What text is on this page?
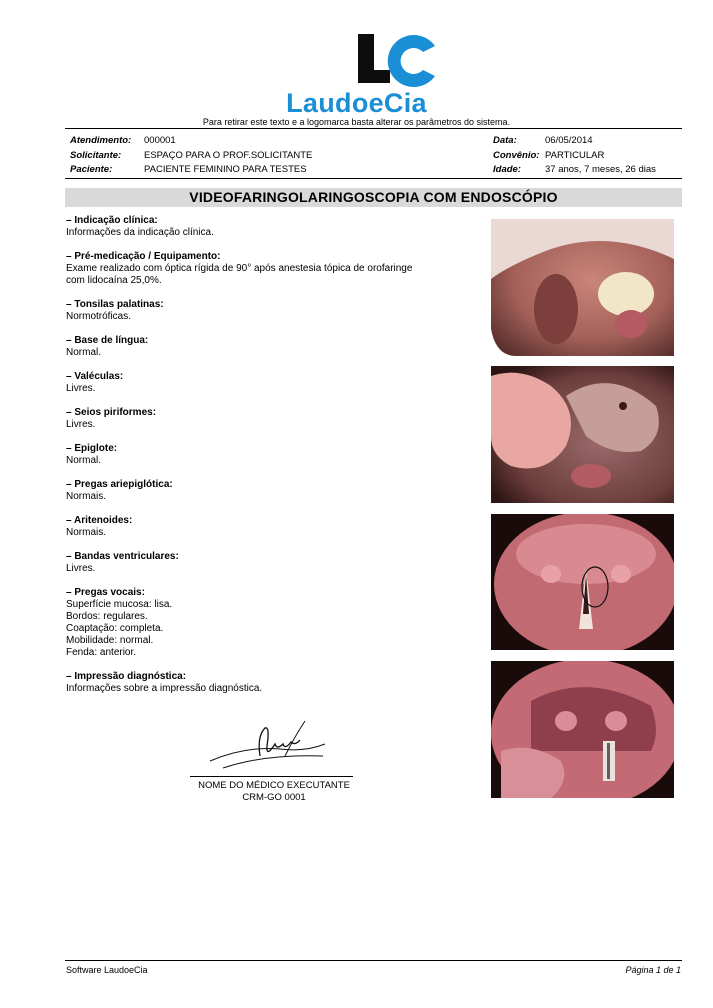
LaudoeCia
Para retirar este texto e a logomarca basta alterar os parâmetros do sistema.
Atendimento: 000001
Solicitante: ESPAÇO PARA O PROF.SOLICITANTE
Paciente:	PACIENTE FEMININO PARA TESTES
Data:	06/05/2014
Convênio: PARTICULAR
Idade:	37 anos, 7 meses, 26 dias
VIDEOFARINGOLARINGOSCOPIA COM ENDOSCÓPIO
– Indicação clínica:
Informações da indicação clínica.
– Pré-medicação / Equipamento:
Exame realizado com óptica rígida de 90° após anestesia tópica de orofaringe
com lidocaína 25,0%.
– Tonsilas palatinas:
Normotróficas.
– Base de língua:
Normal.
– Valéculas:
Livres.
– Seios piriformes:
Livres.
– Epiglote:
Normal.
– Pregas ariepiglótica:
Normais.
– Aritenoides:
Normais.
– Bandas ventriculares:
Livres.
– Pregas vocais:
Superfície mucosa: lisa.
Bordos: regulares.
Coaptação: completa.
Mobilidade: normal.
Fenda: anterior.
– Impressão diagnóstica:
Informações sobre a impressão diagnóstica.
NOME DO MÉDICO EXECUTANTE
CRM-GO 0001
Software LaudoeCia	Página 1 de 1
